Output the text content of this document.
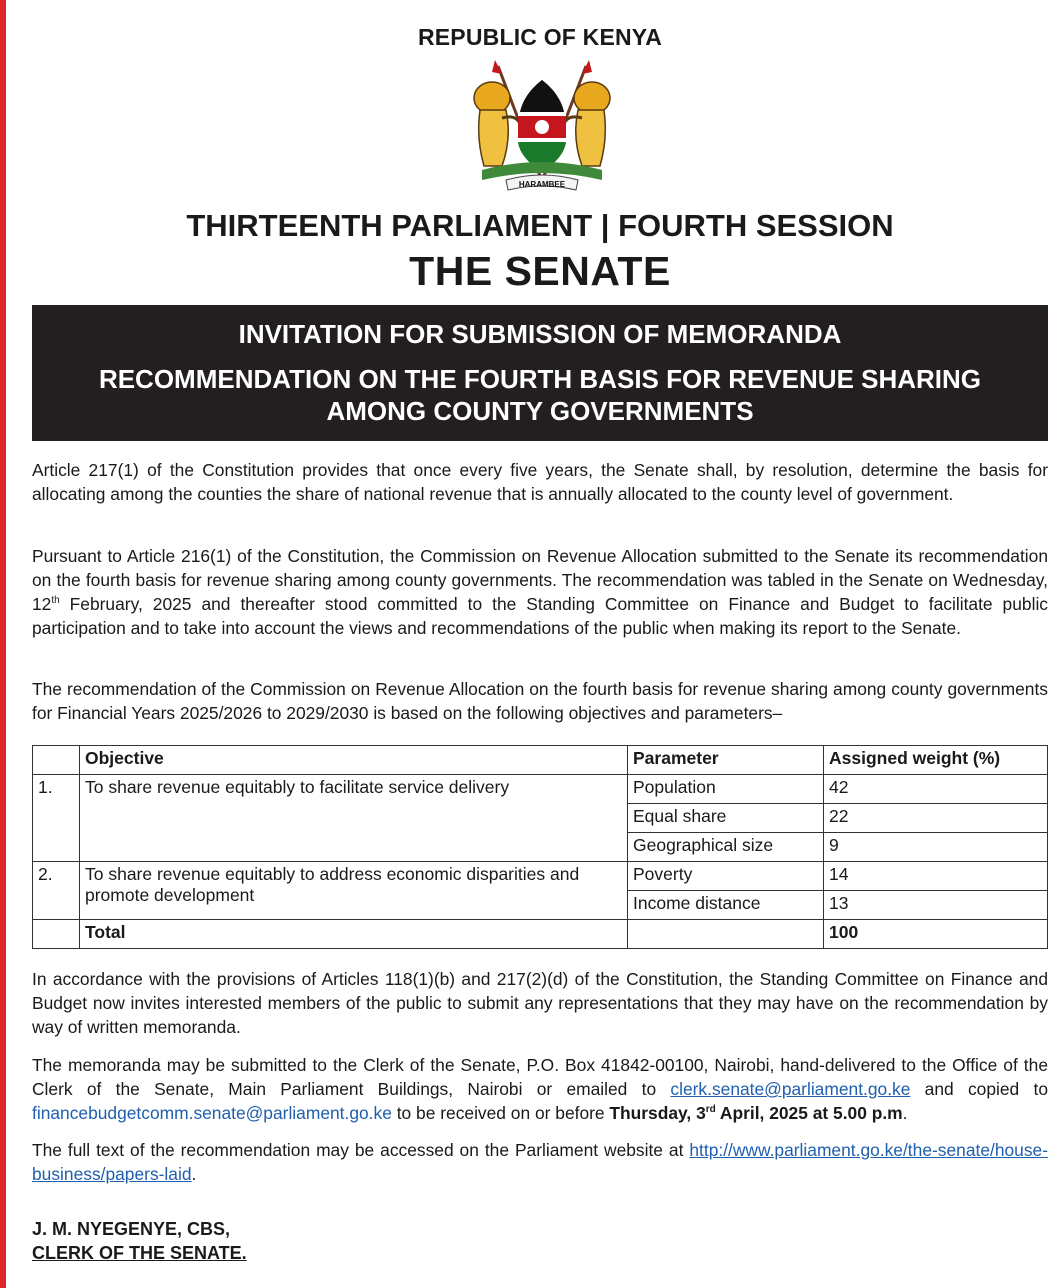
REPUBLIC OF KENYA
HARAMBEE
THIRTEENTH PARLIAMENT | FOURTH SESSION
THE SENATE
INVITATION FOR SUBMISSION OF MEMORANDA
RECOMMENDATION ON THE FOURTH BASIS FOR REVENUE SHARING AMONG COUNTY GOVERNMENTS

Article 217(1) of the Constitution provides that once every five years, the Senate shall, by resolution, determine the basis for allocating among the counties the share of national revenue that is annually allocated to the county level of government.

Pursuant to Article 216(1) of the Constitution, the Commission on Revenue Allocation submitted to the Senate its recommendation on the fourth basis for revenue sharing among county governments. The recommendation was tabled in the Senate on Wednesday, 12th February, 2025 and thereafter stood committed to the Standing Committee on Finance and Budget to facilitate public participation and to take into account the views and recommendations of the public when making its report to the Senate.

The recommendation of the Commission on Revenue Allocation on the fourth basis for revenue sharing among county governments for Financial Years 2025/2026 to 2029/2030 is based on the following objectives and parameters–

	Objective	Parameter	Assigned weight (%)
1.	To share revenue equitably to facilitate service delivery	Population	42
		Equal share	22
		Geographical size	9
2.	To share revenue equitably to address economic disparities and promote development	Poverty	14
		Income distance	13
	Total		100

In accordance with the provisions of Articles 118(1)(b) and 217(2)(d) of the Constitution, the Standing Committee on Finance and Budget now invites interested members of the public to submit any representations that they may have on the recommendation by way of written memoranda.

The memoranda may be submitted to the Clerk of the Senate, P.O. Box 41842-00100, Nairobi, hand-delivered to the Office of the Clerk of the Senate, Main Parliament Buildings, Nairobi or emailed to clerk.senate@parliament.go.ke and copied to financebudgetcomm.senate@parliament.go.ke to be received on or before Thursday, 3rd April, 2025 at 5.00 p.m.

The full text of the recommendation may be accessed on the Parliament website at http://www.parliament.go.ke/the-senate/house-business/papers-laid.

J. M. NYEGENYE, CBS,
CLERK OF THE SENATE.
